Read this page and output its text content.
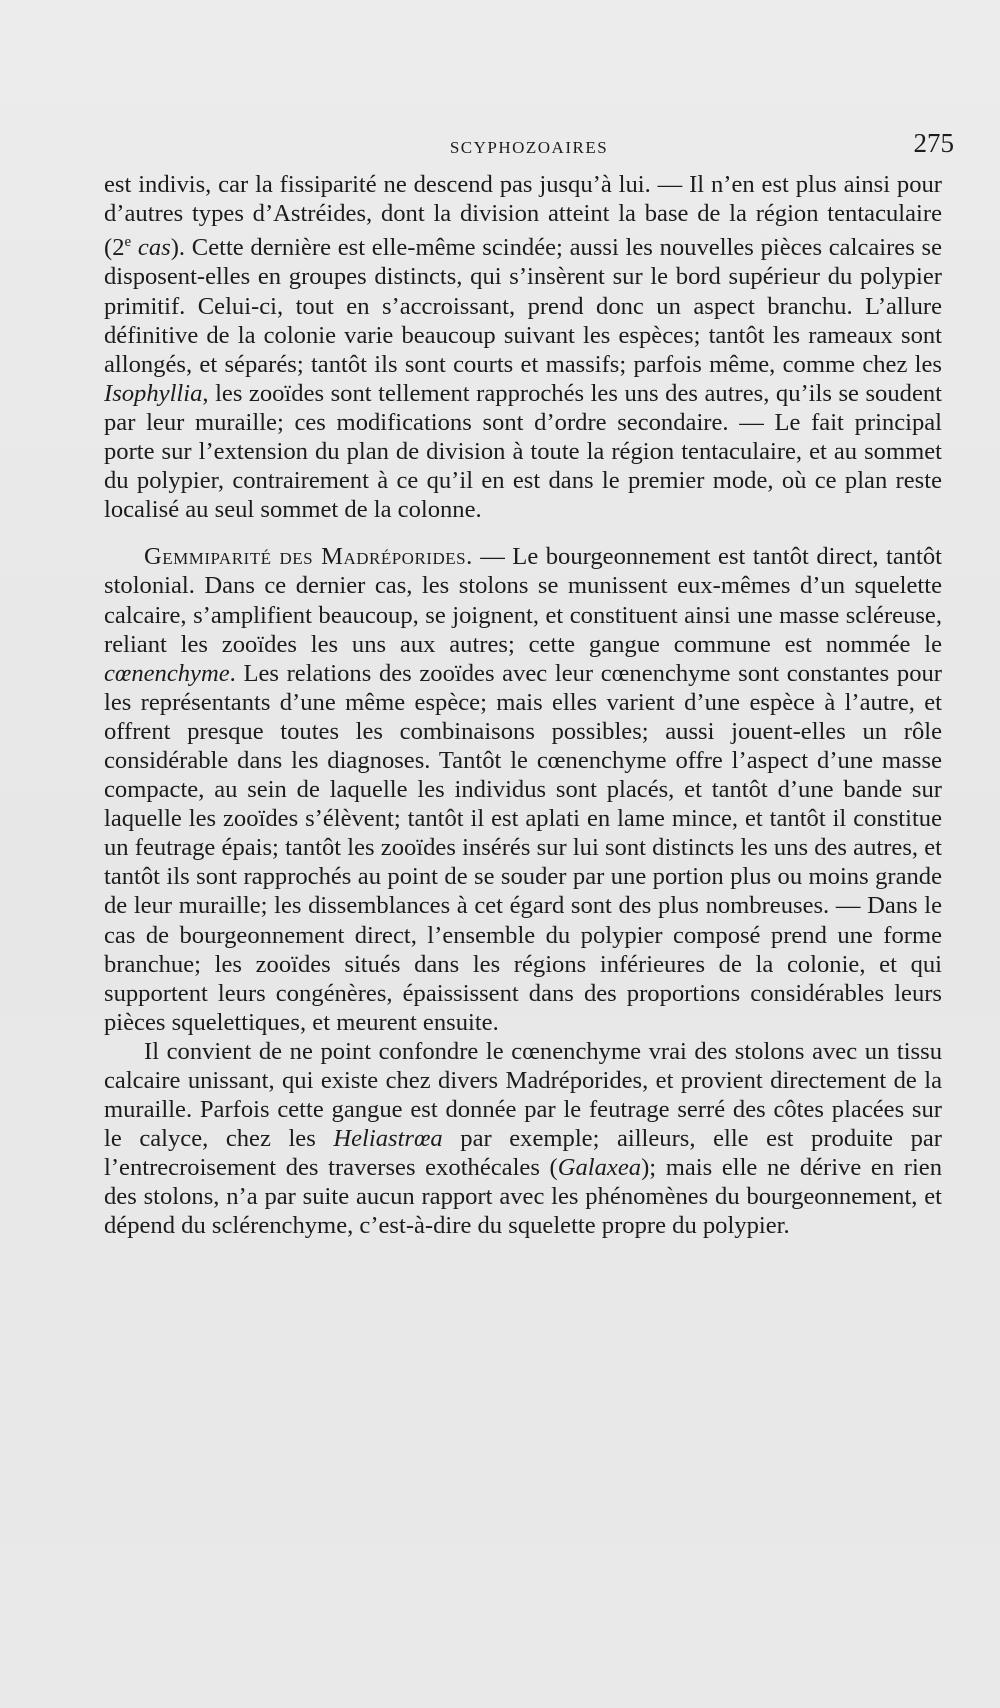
SCYPHOZOAIRES	275

est indivis, car la fissiparité ne descend pas jusqu’à lui. — Il n’en est plus ainsi pour d’autres types d’Astréides, dont la division atteint la base de la région tentaculaire (2e cas). Cette dernière est elle-même scindée; aussi les nouvelles pièces calcaires se disposent-elles en groupes distincts, qui s’insèrent sur le bord supérieur du polypier primitif. Celui-ci, tout en s’accroissant, prend donc un aspect branchu. L’allure définitive de la colonie varie beaucoup suivant les espèces; tantôt les rameaux sont allongés, et séparés; tantôt ils sont courts et massifs; parfois même, comme chez les Isophyllia, les zooïdes sont tellement rapprochés les uns des autres, qu’ils se soudent par leur muraille; ces modifications sont d’ordre secondaire. — Le fait principal porte sur l’extension du plan de division à toute la région tentaculaire, et au sommet du polypier, contrairement à ce qu’il en est dans le premier mode, où ce plan reste localisé au seul sommet de la colonne.

Gemmiparité des Madréporides. — Le bourgeonnement est tantôt direct, tantôt stolonial. Dans ce dernier cas, les stolons se munissent eux-mêmes d’un squelette calcaire, s’amplifient beaucoup, se joignent, et constituent ainsi une masse scléreuse, reliant les zooïdes les uns aux autres; cette gangue commune est nommée le cœnenchyme. Les relations des zooïdes avec leur cœnenchyme sont constantes pour les représentants d’une même espèce; mais elles varient d’une espèce à l’autre, et offrent presque toutes les combinaisons possibles; aussi jouent-elles un rôle considérable dans les diagnoses. Tantôt le cœnenchyme offre l’aspect d’une masse compacte, au sein de laquelle les individus sont placés, et tantôt d’une bande sur laquelle les zooïdes s’élèvent; tantôt il est aplati en lame mince, et tantôt il constitue un feutrage épais; tantôt les zooïdes insérés sur lui sont distincts les uns des autres, et tantôt ils sont rapprochés au point de se souder par une portion plus ou moins grande de leur muraille; les dissemblances à cet égard sont des plus nombreuses. — Dans le cas de bourgeonnement direct, l’ensemble du polypier composé prend une forme branchue; les zooïdes situés dans les régions inférieures de la colonie, et qui supportent leurs congénères, épaississent dans des proportions considérables leurs pièces squelettiques, et meurent ensuite.

Il convient de ne point confondre le cœnenchyme vrai des stolons avec un tissu calcaire unissant, qui existe chez divers Madréporides, et provient directement de la muraille. Parfois cette gangue est donnée par le feutrage serré des côtes placées sur le calyce, chez les Heliastrœa par exemple; ailleurs, elle est produite par l’entrecroisement des traverses exothécales (Galaxea); mais elle ne dérive en rien des stolons, n’a par suite aucun rapport avec les phénomènes du bourgeonnement, et dépend du sclérenchyme, c’est-à-dire du squelette propre du polypier.
